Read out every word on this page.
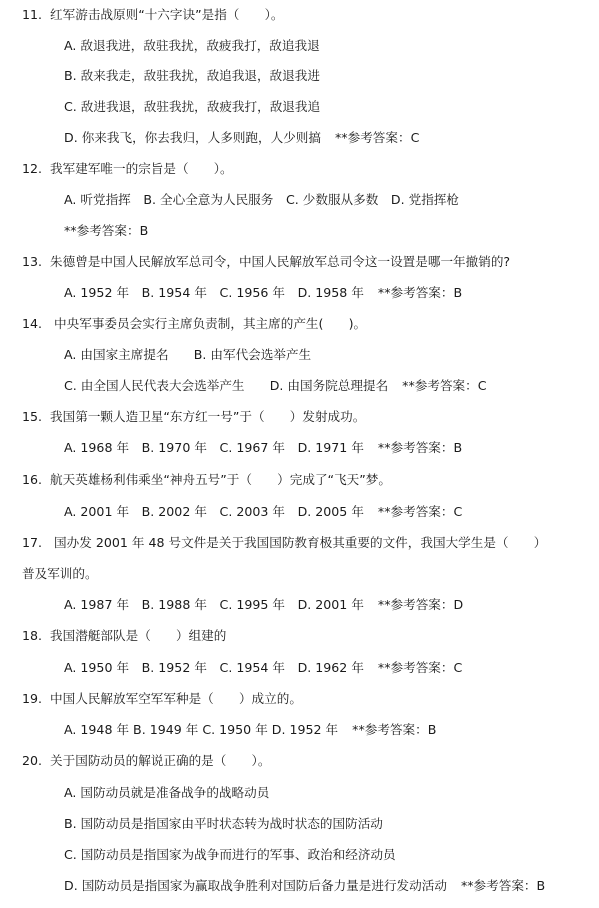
11. 红军游击战原则“十六字诀”是指（　　）。
A. 敌退我进，敌驻我扰，敌疲我打，敌追我退
B. 敌来我走，敌驻我扰，敌追我退，敌退我进
C. 敌进我退，敌驻我扰，敌疲我打，敌退我追
D. 你来我飞，你去我归，人多则跑，人少则搞 **参考答案：C
12. 我军建军唯一的宗旨是（　　）。
A. 听党指挥　B. 全心全意为人民服务　C. 少数服从多数　D. 党指挥枪
**参考答案：B
13. 朱德曾是中国人民解放军总司令，中国人民解放军总司令这一设置是哪一年撤销的?
A. 1952 年　B. 1954 年　C. 1956 年　D. 1958 年 **参考答案：B
14. 中央军事委员会实行主席负责制，其主席的产生(　　)。
A. 由国家主席提名　　B. 由军代会选举产生
C. 由全国人民代表大会选举产生　　D. 由国务院总理提名 **参考答案：C
15. 我国第一颗人造卫星“东方红一号”于（　　）发射成功。
A. 1968 年　B. 1970 年　C. 1967 年　D. 1971 年 **参考答案：B
16. 航天英雄杨利伟乘坐“神舟五号”于（　　）完成了“飞天”梦。
A. 2001 年　B. 2002 年　C. 2003 年　D. 2005 年 **参考答案：C
17. 国办发 2001 年 48 号文件是关于我国国防教育极其重要的文件，我国大学生是（　　）
普及军训的。
A. 1987 年　B. 1988 年　C. 1995 年　D. 2001 年 **参考答案：D
18. 我国潜艇部队是（　　）组建的
A. 1950 年　B. 1952 年　C. 1954 年　D. 1962 年 **参考答案：C
19. 中国人民解放军空军军种是（　　）成立的。
A. 1948 年 B. 1949 年 C. 1950 年 D. 1952 年 **参考答案：B
20. 关于国防动员的解说正确的是（　　）。
A. 国防动员就是准备战争的战略动员
B. 国防动员是指国家由平时状态转为战时状态的国防活动
C. 国防动员是指国家为战争而进行的军事、政治和经济动员
D. 国防动员是指国家为赢取战争胜利对国防后备力量是进行发动活动 **参考答案：B
